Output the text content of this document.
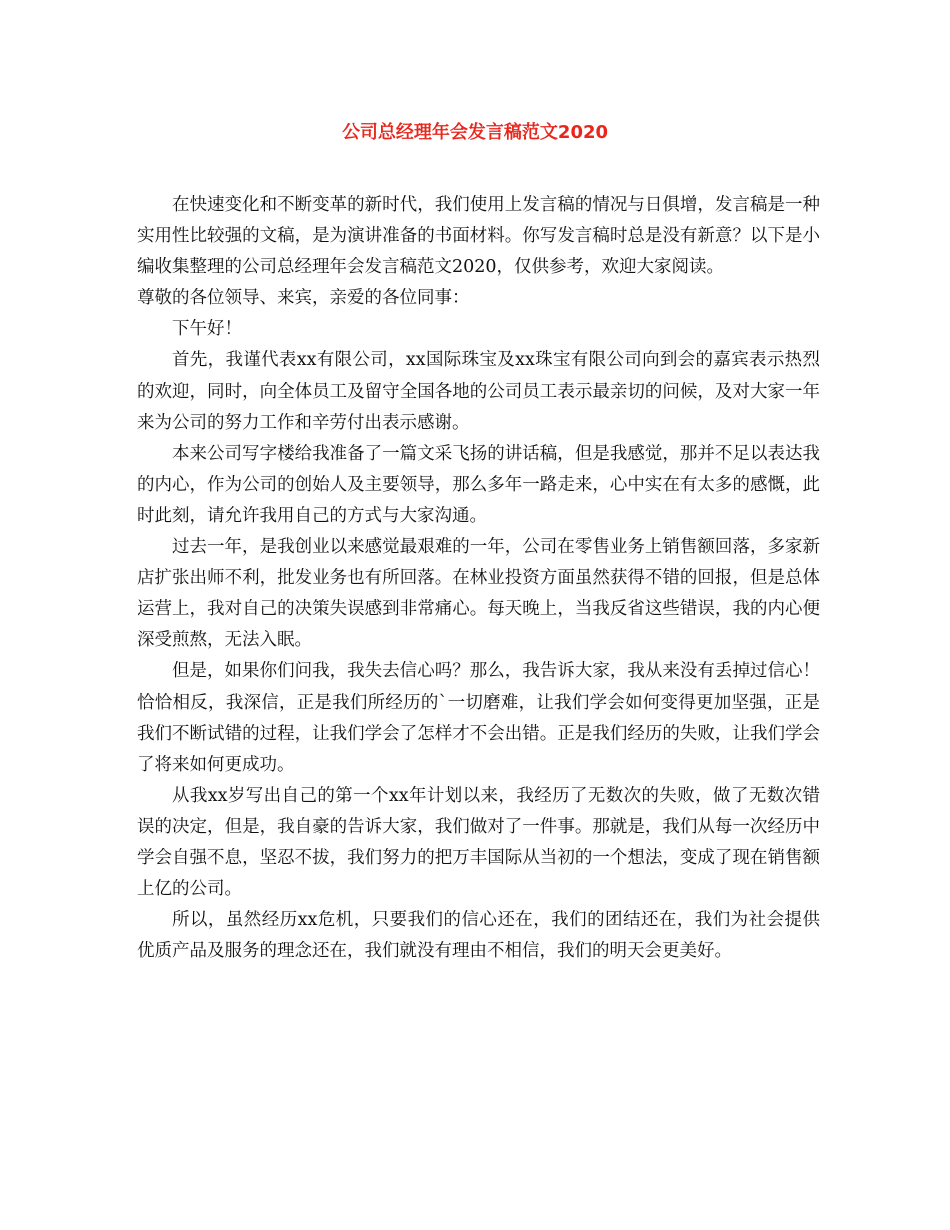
公司总经理年会发言稿范文2020

在快速变化和不断变革的新时代，我们使用上发言稿的情况与日俱增，发言稿是一种实用性比较强的文稿，是为演讲准备的书面材料。你写发言稿时总是没有新意？以下是小编收集整理的公司总经理年会发言稿范文2020，仅供参考，欢迎大家阅读。

尊敬的各位领导、来宾，亲爱的各位同事：

下午好！

首先，我谨代表xx有限公司，xx国际珠宝及xx珠宝有限公司向到会的嘉宾表示热烈的欢迎，同时，向全体员工及留守全国各地的公司员工表示最亲切的问候，及对大家一年来为公司的努力工作和辛劳付出表示感谢。

本来公司写字楼给我准备了一篇文采飞扬的讲话稿，但是我感觉，那并不足以表达我的内心，作为公司的创始人及主要领导，那么多年一路走来，心中实在有太多的感慨，此时此刻，请允许我用自己的方式与大家沟通。

过去一年，是我创业以来感觉最艰难的一年，公司在零售业务上销售额回落，多家新店扩张出师不利，批发业务也有所回落。在林业投资方面虽然获得不错的回报，但是总体运营上，我对自己的决策失误感到非常痛心。每天晚上，当我反省这些错误，我的内心便深受煎熬，无法入眠。

但是，如果你们问我，我失去信心吗？那么，我告诉大家，我从来没有丢掉过信心！恰恰相反，我深信，正是我们所经历的`一切磨难，让我们学会如何变得更加坚强，正是我们不断试错的过程，让我们学会了怎样才不会出错。正是我们经历的失败，让我们学会了将来如何更成功。

从我xx岁写出自己的第一个xx年计划以来，我经历了无数次的失败，做了无数次错误的决定，但是，我自豪的告诉大家，我们做对了一件事。那就是，我们从每一次经历中学会自强不息，坚忍不拔，我们努力的把万丰国际从当初的一个想法，变成了现在销售额上亿的公司。

所以，虽然经历xx危机，只要我们的信心还在，我们的团结还在，我们为社会提供优质产品及服务的理念还在，我们就没有理由不相信，我们的明天会更美好。
